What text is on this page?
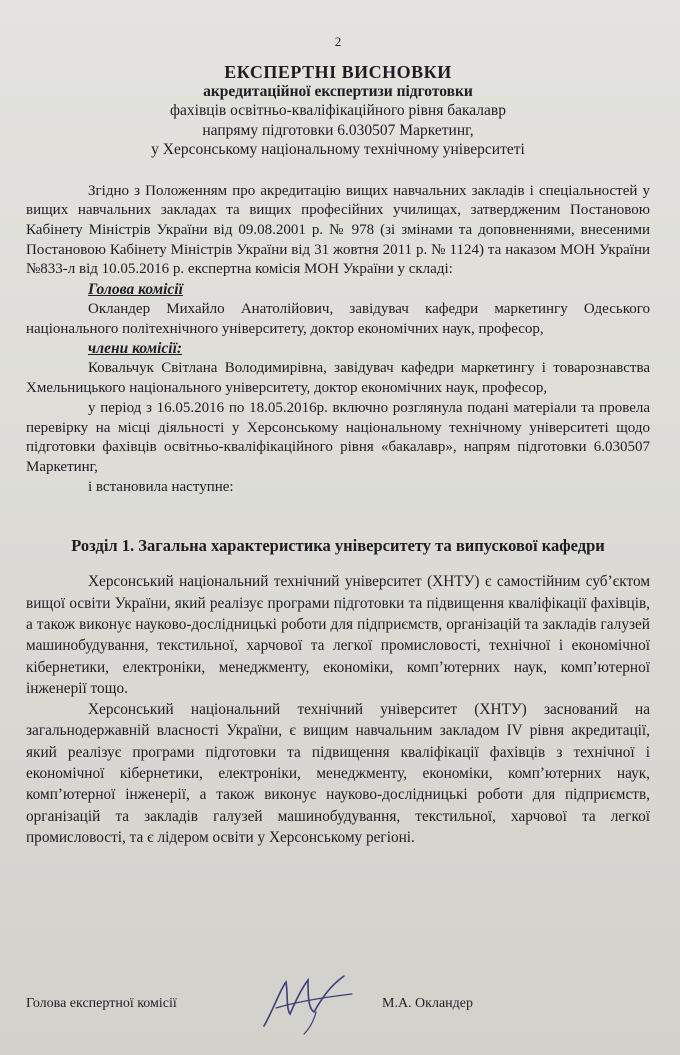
2
ЕКСПЕРТНІ ВИСНОВКИ
акредитаційної експертизи підготовки
фахівців освітньо-кваліфікаційного рівня бакалавр
напряму підготовки 6.030507 Маркетинг,
у Херсонському національному технічному університеті

Згідно з Положенням про акредитацію вищих навчальних закладів і спеціальностей у вищих навчальних закладах та вищих професійних училищах, затвердженим Постановою Кабінету Міністрів України від 09.08.2001 р. № 978 (зі змінами та доповненнями, внесеними Постановою Кабінету Міністрів України від 31 жовтня 2011 р. № 1124) та наказом МОН України №833-л від 10.05.2016 р. експертна комісія МОН України у складі:

Голова комісії

Окландер Михайло Анатолійович, завідувач кафедри маркетингу Одеського національного політехнічного університету, доктор економічних наук, професор,

члени комісії:

Ковальчук Світлана Володимирівна, завідувач кафедри маркетингу і товарознавства Хмельницького національного університету, доктор економічних наук, професор,

у період з 16.05.2016 по 18.05.2016р. включно розглянула подані матеріали та провела перевірку на місці діяльності у Херсонському національному технічному університеті щодо підготовки фахівців освітньо-кваліфікаційного рівня «бакалавр», напрям підготовки 6.030507 Маркетинг,

і встановила наступне:

Розділ 1. Загальна характеристика університету та випускової кафедри

Херсонський національний технічний університет (ХНТУ) є самостійним суб’єктом вищої освіти України, який реалізує програми підготовки та підвищення кваліфікації фахівців, а також виконує науково-дослідницькі роботи для підприємств, організацій та закладів галузей машинобудування, текстильної, харчової та легкої промисловості, технічної і економічної кібернетики, електроніки, менеджменту, економіки, комп’ютерних наук, комп’ютерної інженерії тощо.

Херсонський національний технічний університет (ХНТУ) заснований на загальнодержавній власності України, є вищим навчальним закладом IV рівня акредитації, який реалізує програми підготовки та підвищення кваліфікації фахівців з технічної і економічної кібернетики, електроніки, менеджменту, економіки, комп’ютерних наук, комп’ютерної інженерії, а також виконує науково-дослідницькі роботи для підприємств, організацій та закладів галузей машинобудування, текстильної, харчової та легкої промисловості, та є лідером освіти у Херсонському регіоні.

Голова експертної комісії	М.А. Окландер
